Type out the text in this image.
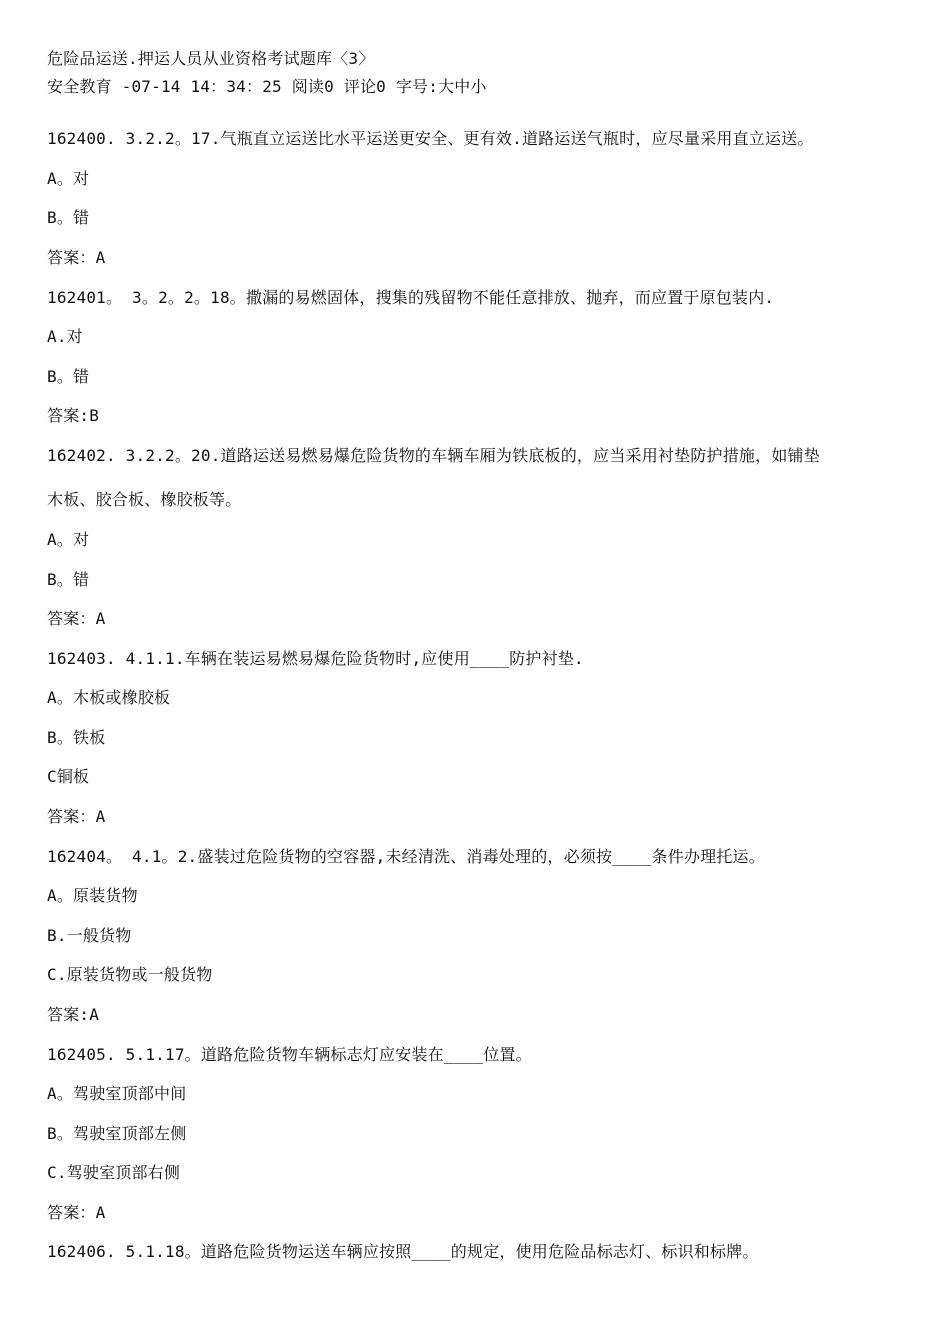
危险品运送.押运人员从业资格考试题库〈3〉
安全教育 -07-14 14：34：25 阅读0 评论0 字号:大中小
162400. 3.2.2。17.气瓶直立运送比水平运送更安全、更有效.道路运送气瓶时，应尽量采用直立运送。
A。对
B。错
答案：A
162401。 3。2。2。18。撒漏的易燃固体，搜集的残留物不能任意排放、抛弃，而应置于原包装内.
A.对
B。错
答案:B
162402. 3.2.2。20.道路运送易燃易爆危险货物的车辆车厢为铁底板的，应当采用衬垫防护措施，如铺垫
木板、胶合板、橡胶板等。
A。对
B。错
答案：A
162403. 4.1.1.车辆在装运易燃易爆危险货物时,应使用____防护衬垫.
A。木板或橡胶板
B。铁板
C铜板
答案：A
162404。 4.1。2.盛装过危险货物的空容器,未经清洗、消毒处理的，必须按____条件办理托运。
A。原装货物
B.一般货物
C.原装货物或一般货物
答案:A
162405. 5.1.17。道路危险货物车辆标志灯应安装在____位置。
A。驾驶室顶部中间
B。驾驶室顶部左侧
C.驾驶室顶部右侧
答案：A
162406. 5.1.18。道路危险货物运送车辆应按照____的规定，使用危险品标志灯、标识和标牌。
